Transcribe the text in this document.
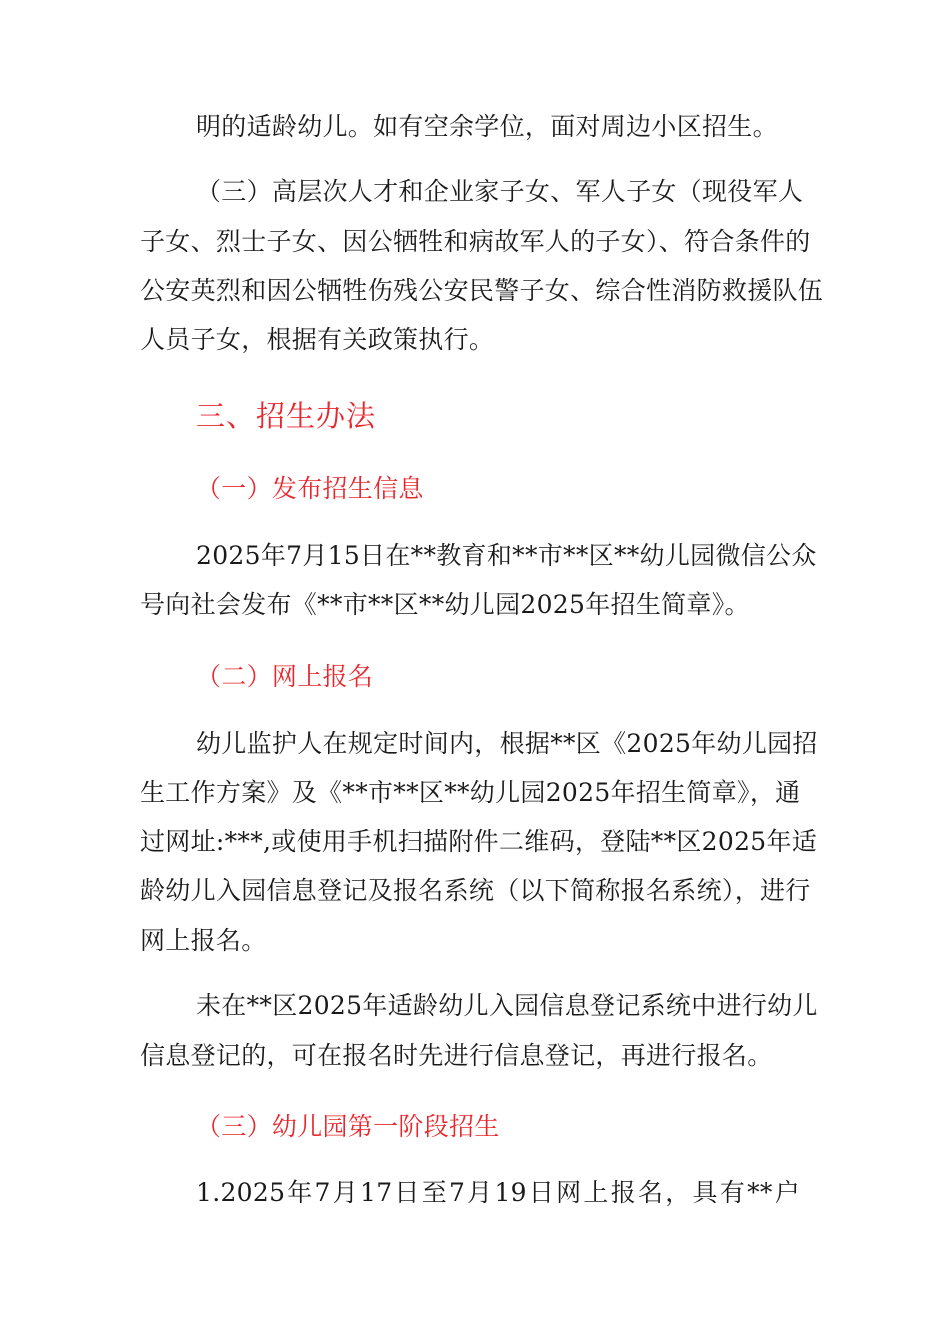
明的适龄幼儿。如有空余学位，面对周边小区招生。
（三）高层次人才和企业家子女、军人子女（现役军人
子女、烈士子女、因公牺牲和病故军人的子女）、符合条件的
公安英烈和因公牺牲伤残公安民警子女、综合性消防救援队伍
人员子女，根据有关政策执行。
三、招生办法
（一）发布招生信息
2025年7月15日在**教育和**市**区**幼儿园微信公众
号向社会发布《**市**区**幼儿园2025年招生简章》。
（二）网上报名
幼儿监护人在规定时间内，根据**区《2025年幼儿园招
生工作方案》及《**市**区**幼儿园2025年招生简章》，通
过网址:***,或使用手机扫描附件二维码，登陆**区2025年适
龄幼儿入园信息登记及报名系统（以下简称报名系统），进行
网上报名。
未在**区2025年适龄幼儿入园信息登记系统中进行幼儿
信息登记的，可在报名时先进行信息登记，再进行报名。
（三）幼儿园第一阶段招生
1.2025年7月17日至7月19日网上报名，具有**户
